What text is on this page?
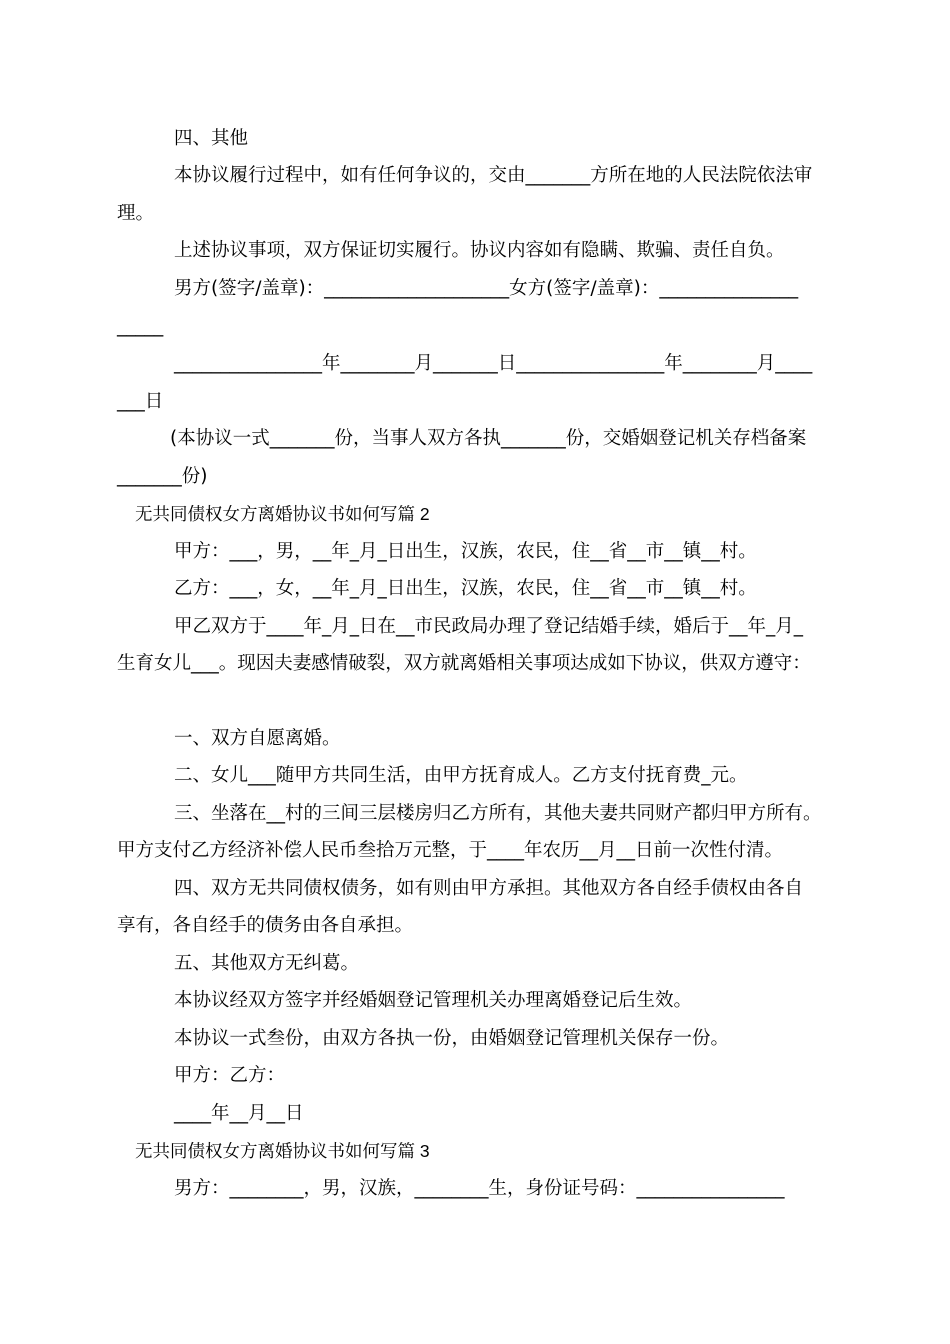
四、其他
本协议履行过程中，如有任何争议的，交由_______方所在地的人民法院依法审
理。
上述协议事项，双方保证切实履行。协议内容如有隐瞒、欺骗、责任自负。
男方(签字/盖章)：____________________女方(签字/盖章)：_______________
_____
________________年________月_______日________________年________月____
___日
(本协议一式_______份，当事人双方各执_______份，交婚姻登记机关存档备案
_______份)
无共同债权女方离婚协议书如何写篇 2
甲方：___，男，__年_月_日出生，汉族，农民，住__省__市__镇__村。
乙方：___，女，__年_月_日出生，汉族，农民，住__省__市__镇__村。
甲乙双方于____年_月_日在__市民政局办理了登记结婚手续，婚后于__年_月_
生育女儿___。现因夫妻感情破裂，双方就离婚相关事项达成如下协议，供双方遵守：
一、双方自愿离婚。
二、女儿___随甲方共同生活，由甲方抚育成人。乙方支付抚育费_元。
三、坐落在__村的三间三层楼房归乙方所有，其他夫妻共同财产都归甲方所有。
甲方支付乙方经济补偿人民币叁拾万元整，于____年农历__月__日前一次性付清。
四、双方无共同债权债务，如有则由甲方承担。其他双方各自经手债权由各自
享有，各自经手的债务由各自承担。
五、其他双方无纠葛。
本协议经双方签字并经婚姻登记管理机关办理离婚登记后生效。
本协议一式叁份，由双方各执一份，由婚姻登记管理机关保存一份。
甲方：乙方：
____年__月__日
无共同债权女方离婚协议书如何写篇 3
男方：________，男，汉族，________生，身份证号码：________________
